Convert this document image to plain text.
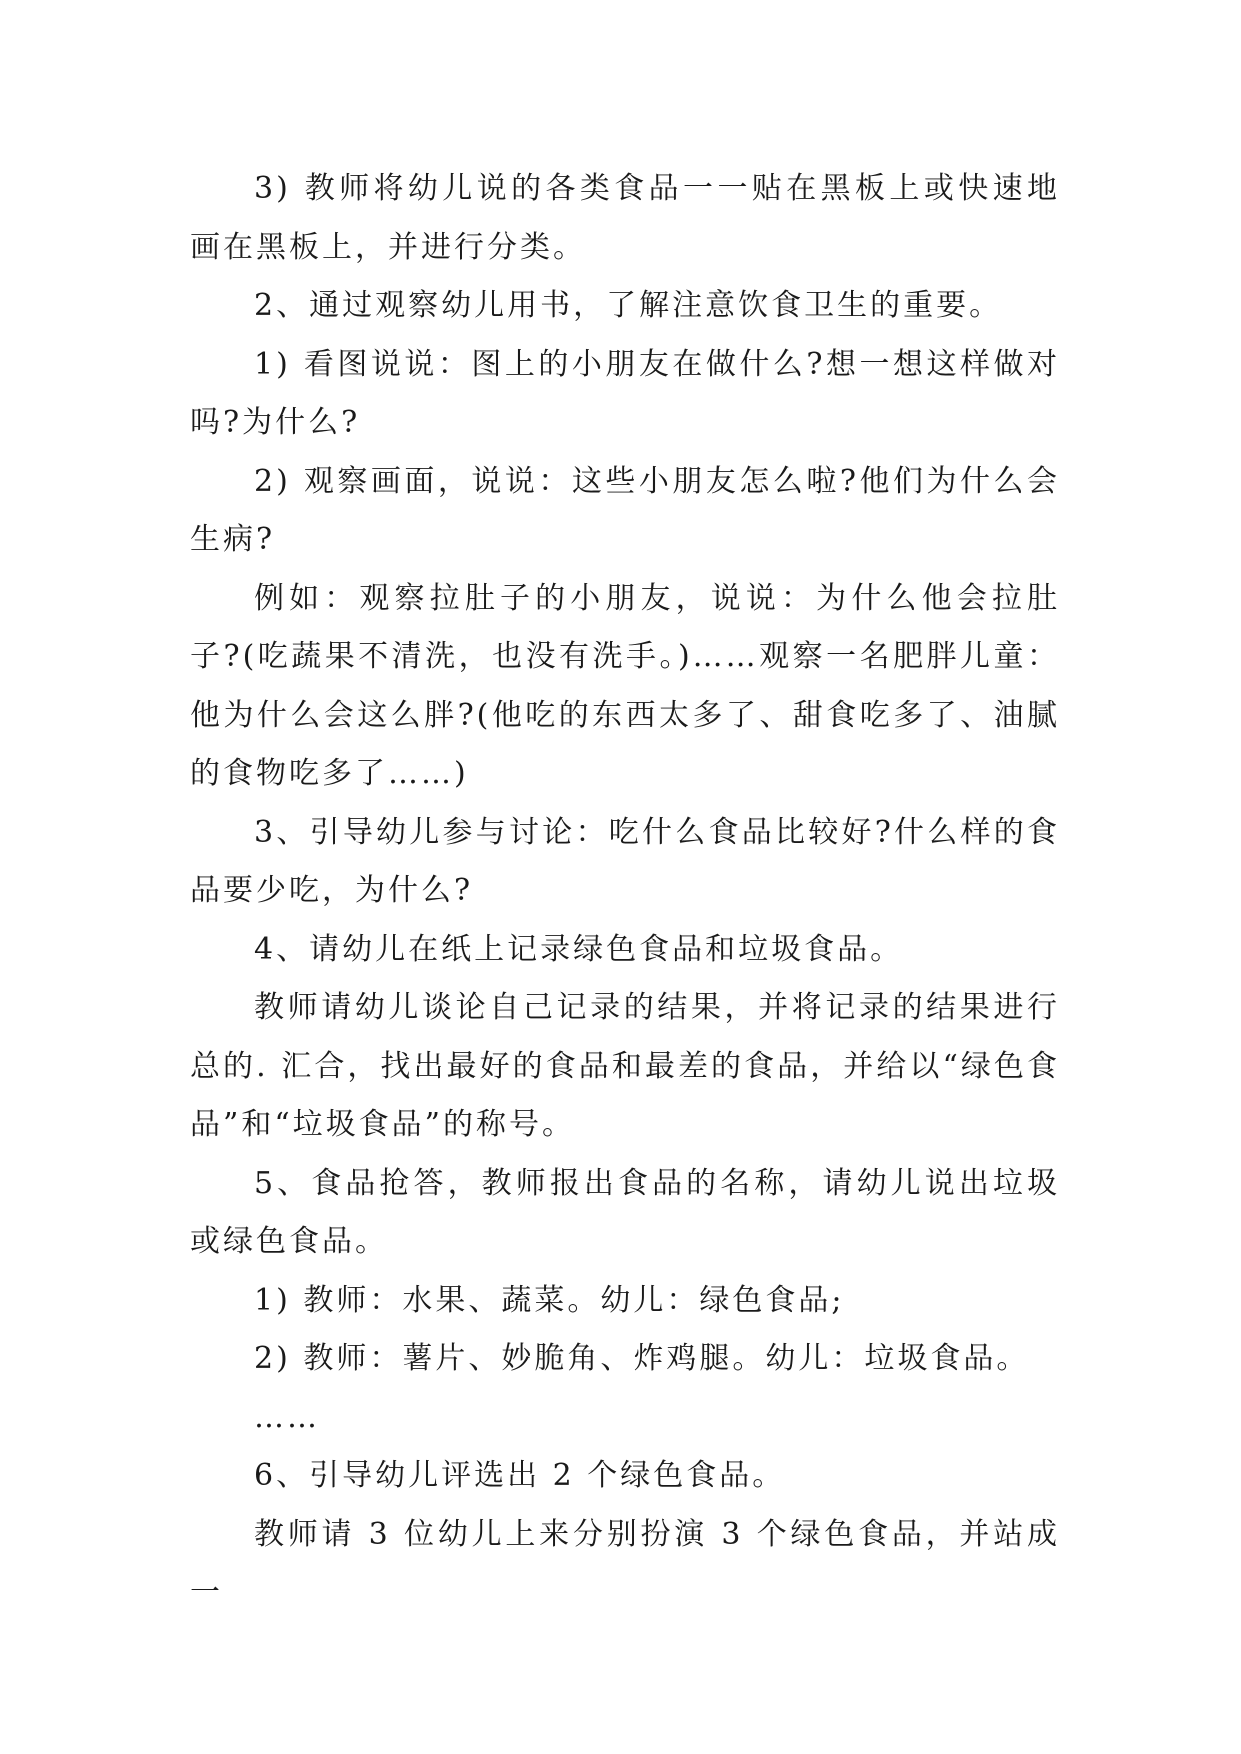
3) 教师将幼儿说的各类食品一一贴在黑板上或快速地画在黑板上，并进行分类。

2、通过观察幼儿用书，了解注意饮食卫生的重要。

1) 看图说说：图上的小朋友在做什么?想一想这样做对吗?为什么?

2) 观察画面，说说：这些小朋友怎么啦?他们为什么会生病?

例如：观察拉肚子的小朋友，说说：为什么他会拉肚子?(吃蔬果不清洗，也没有洗手。)……观察一名肥胖儿童：他为什么会这么胖?(他吃的东西太多了、甜食吃多了、油腻的食物吃多了……)

3、引导幼儿参与讨论：吃什么食品比较好?什么样的食品要少吃，为什么?

4、请幼儿在纸上记录绿色食品和垃圾食品。

教师请幼儿谈论自己记录的结果，并将记录的结果进行总的. 汇合，找出最好的食品和最差的食品，并给以“绿色食品”和“垃圾食品”的称号。

5、食品抢答，教师报出食品的名称，请幼儿说出垃圾或绿色食品。

1) 教师：水果、蔬菜。幼儿：绿色食品;

2) 教师：薯片、妙脆角、炸鸡腿。幼儿：垃圾食品。

……

6、引导幼儿评选出 2 个绿色食品。

教师请 3 位幼儿上来分别扮演 3 个绿色食品，并站成一
